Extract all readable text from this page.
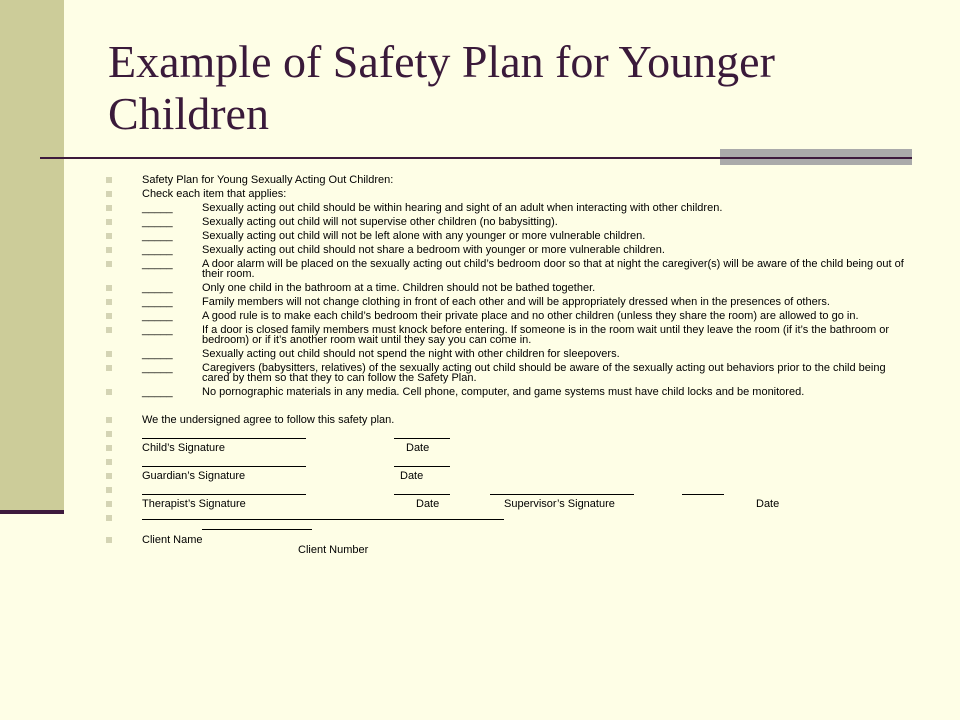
Example of Safety Plan for Younger Children
Safety Plan for Young Sexually Acting Out Children:
Check each item that applies:
_____	Sexually acting out child should be within hearing and sight of an adult when interacting with other children.
_____	Sexually acting out child will not supervise other children (no babysitting).
_____	Sexually acting out child will not be left alone with any younger or more vulnerable children.
_____	Sexually acting out child should not share a bedroom with younger or more vulnerable children.
_____	A door alarm will be placed on the sexually acting out child’s bedroom door so that at night the caregiver(s) will be aware of the child being out of their room.
_____	Only one child in the bathroom at a time. Children should not be bathed together.
_____	Family members will not change clothing in front of each other and will be appropriately dressed when in the presences of others.
_____	A good rule is to make each child’s bedroom their private place and no other children (unless they share the room) are allowed to go in.
_____	If a door is closed family members must knock before entering. If someone is in the room wait until they leave the room (if it’s the bathroom or bedroom) or if it’s another room wait until they say you can come in.
_____	Sexually acting out child should not spend the night with other children for sleepovers.
_____	Caregivers (babysitters, relatives) of the sexually acting out child should be aware of the sexually acting out behaviors prior to the child being cared by them so that they to can follow the Safety Plan.
_____	No pornographic materials in any media. Cell phone, computer, and game systems must have child locks and be monitored.
We the undersigned agree to follow this safety plan.
Child’s Signature	Date
Guardian’s Signature	Date
Therapist’s Signature	Date	Supervisor’s Signature	Date
Client Name
Client Number
